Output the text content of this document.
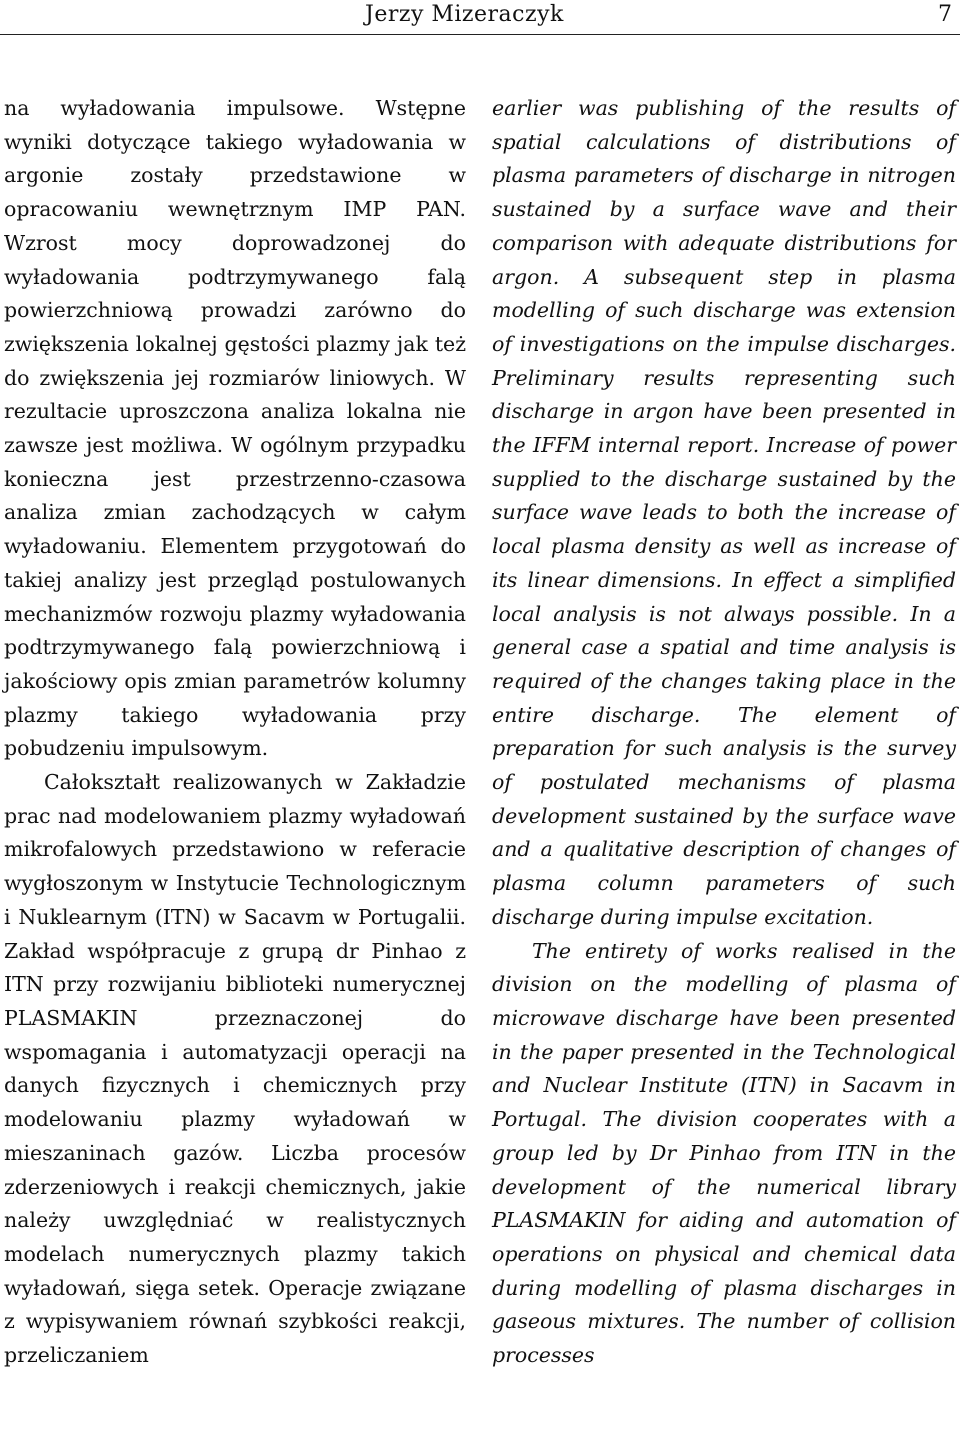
Jerzy Mizeraczyk	7

na wyładowania impulsowe. Wstępne wyniki dotyczące takiego wyładowania w argonie zostały przedstawione w opracowaniu wewnętrznym IMP PAN. Wzrost mocy doprowadzonej do wyładowania podtrzymywanego falą powierzchniową prowadzi zarówno do zwiększenia lokalnej gęstości plazmy jak też do zwiększenia jej rozmiarów liniowych. W rezultacie uproszczona analiza lokalna nie zawsze jest możliwa. W ogólnym przypadku konieczna jest przestrzenno-czasowa analiza zmian zachodzących w całym wyładowaniu. Elementem przygotowań do takiej analizy jest przegląd postulowanych mechanizmów rozwoju plazmy wyładowania podtrzymywanego falą powierzchniową i jakościowy opis zmian parametrów kolumny plazmy takiego wyładowania przy pobudzeniu impulsowym.

Całokształt realizowanych w Zakładzie prac nad modelowaniem plazmy wyładowań mikrofalowych przedstawiono w referacie wygłoszonym w Instytucie Technologicznym i Nuklearnym (ITN) w Sacavm w Portugalii. Zakład współpracuje z grupą dr Pinhao z ITN przy rozwijaniu biblioteki numerycznej PLASMAKIN przeznaczonej do wspomagania i automatyzacji operacji na danych fizycznych i chemicznych przy modelowaniu plazmy wyładowań w mieszaninach gazów. Liczba procesów zderzeniowych i reakcji chemicznych, jakie należy uwzględniać w realistycznych modelach numerycznych plazmy takich wyładowań, sięga setek. Operacje związane z wypisywaniem równań szybkości reakcji, przeliczaniem

earlier was publishing of the results of spatial calculations of distributions of plasma parameters of discharge in nitrogen sustained by a surface wave and their comparison with adequate distributions for argon. A subsequent step in plasma modelling of such discharge was extension of investigations on the impulse discharges. Preliminary results representing such discharge in argon have been presented in the IFFM internal report. Increase of power supplied to the discharge sustained by the surface wave leads to both the increase of local plasma density as well as increase of its linear dimensions. In effect a simplified local analysis is not always possible. In a general case a spatial and time analysis is required of the changes taking place in the entire discharge. The element of preparation for such analysis is the survey of postulated mechanisms of plasma development sustained by the surface wave and a qualitative description of changes of plasma column parameters of such discharge during impulse excitation.

The entirety of works realised in the division on the modelling of plasma of microwave discharge have been presented in the paper presented in the Technological and Nuclear Institute (ITN) in Sacavm in Portugal. The division cooperates with a group led by Dr Pinhao from ITN in the development of the numerical library PLASMAKIN for aiding and automation of operations on physical and chemical data during modelling of plasma discharges in gaseous mixtures. The number of collision processes
